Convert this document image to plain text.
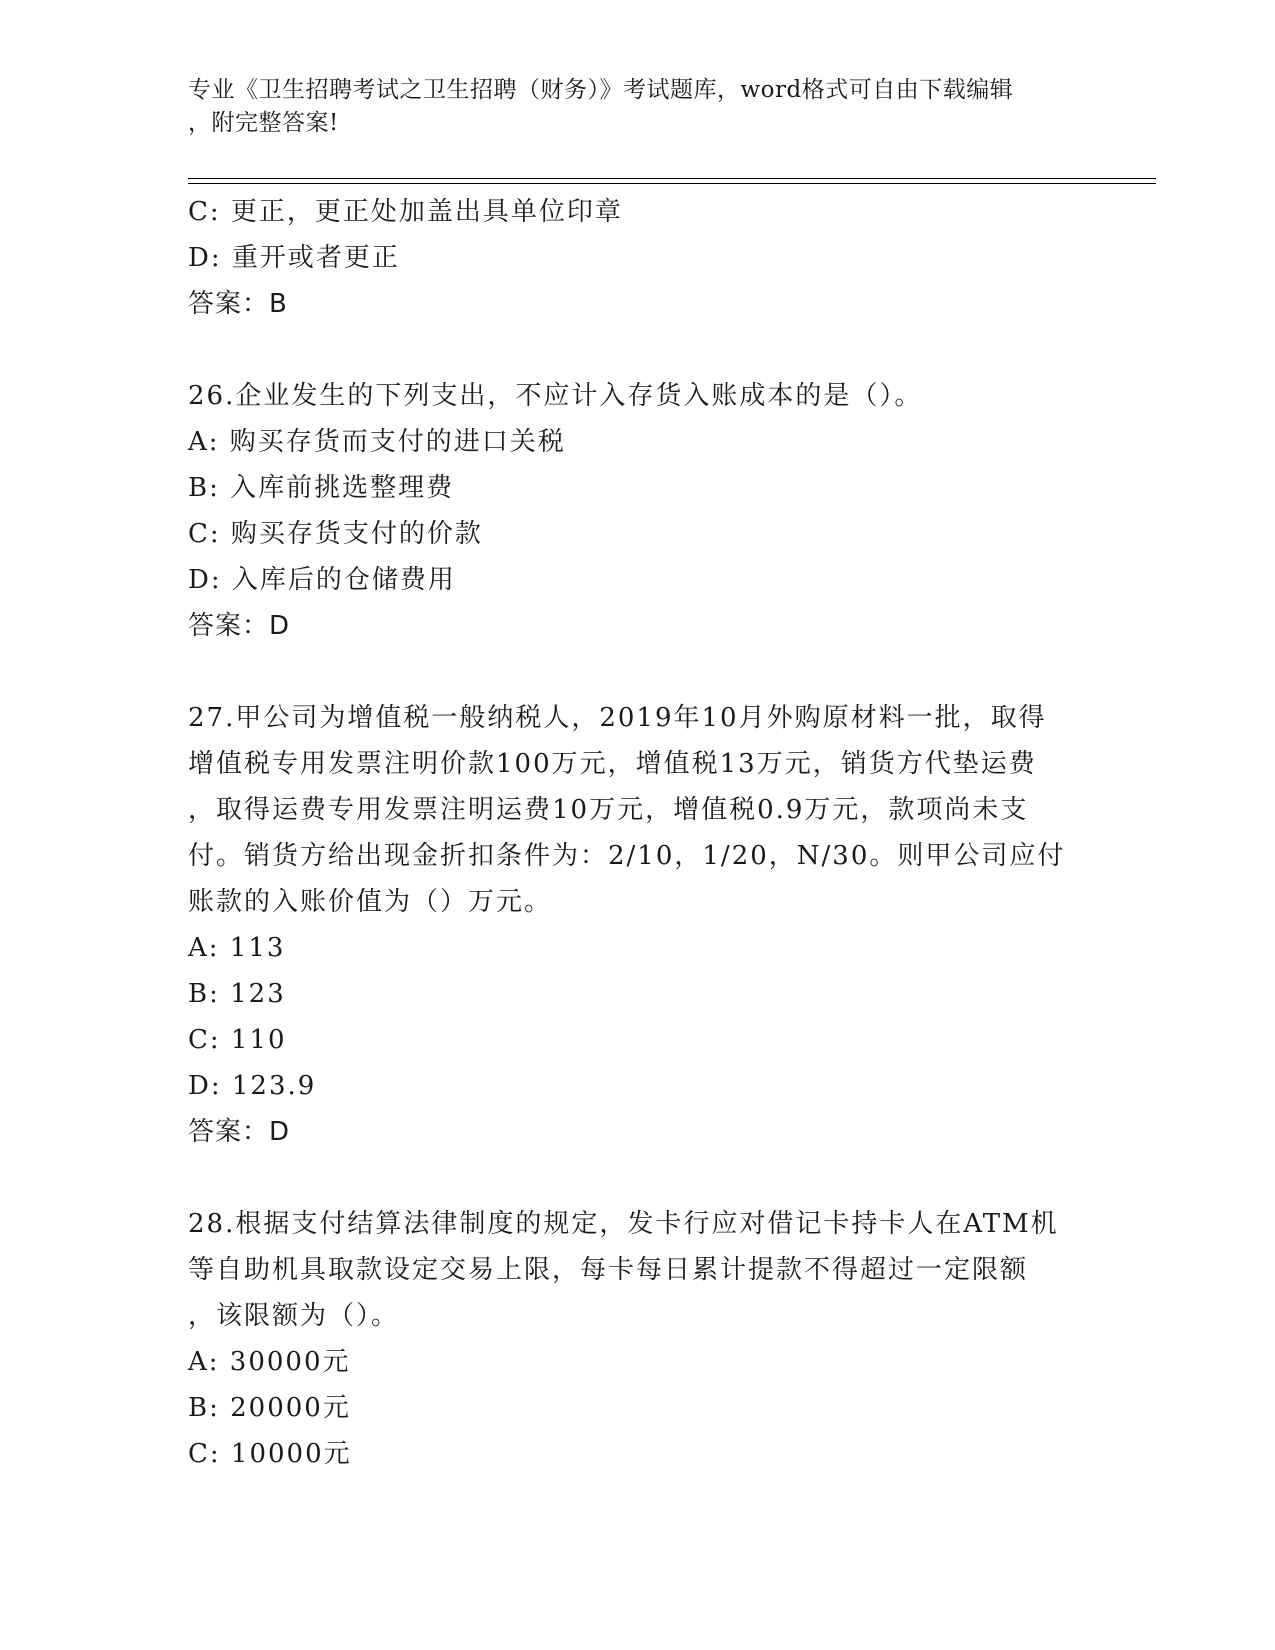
专业《卫生招聘考试之卫生招聘（财务）》考试题库，word格式可自由下载编辑
，附完整答案!
C: 更正，更正处加盖出具单位印章
D: 重开或者更正
答案：B
26.企业发生的下列支出，不应计入存货入账成本的是（）。
A: 购买存货而支付的进口关税
B: 入库前挑选整理费
C: 购买存货支付的价款
D: 入库后的仓储费用
答案：D
27.甲公司为增值税一般纳税人，2019年10月外购原材料一批，取得
增值税专用发票注明价款100万元，增值税13万元，销货方代垫运费
，取得运费专用发票注明运费10万元，增值税0.9万元，款项尚未支
付。销货方给出现金折扣条件为：2/10，1/20，N/30。则甲公司应付
账款的入账价值为（）万元。
A: 113
B: 123
C: 110
D: 123.9
答案：D
28.根据支付结算法律制度的规定，发卡行应对借记卡持卡人在ATM机
等自助机具取款设定交易上限，每卡每日累计提款不得超过一定限额
，该限额为（）。
A: 30000元
B: 20000元
C: 10000元
